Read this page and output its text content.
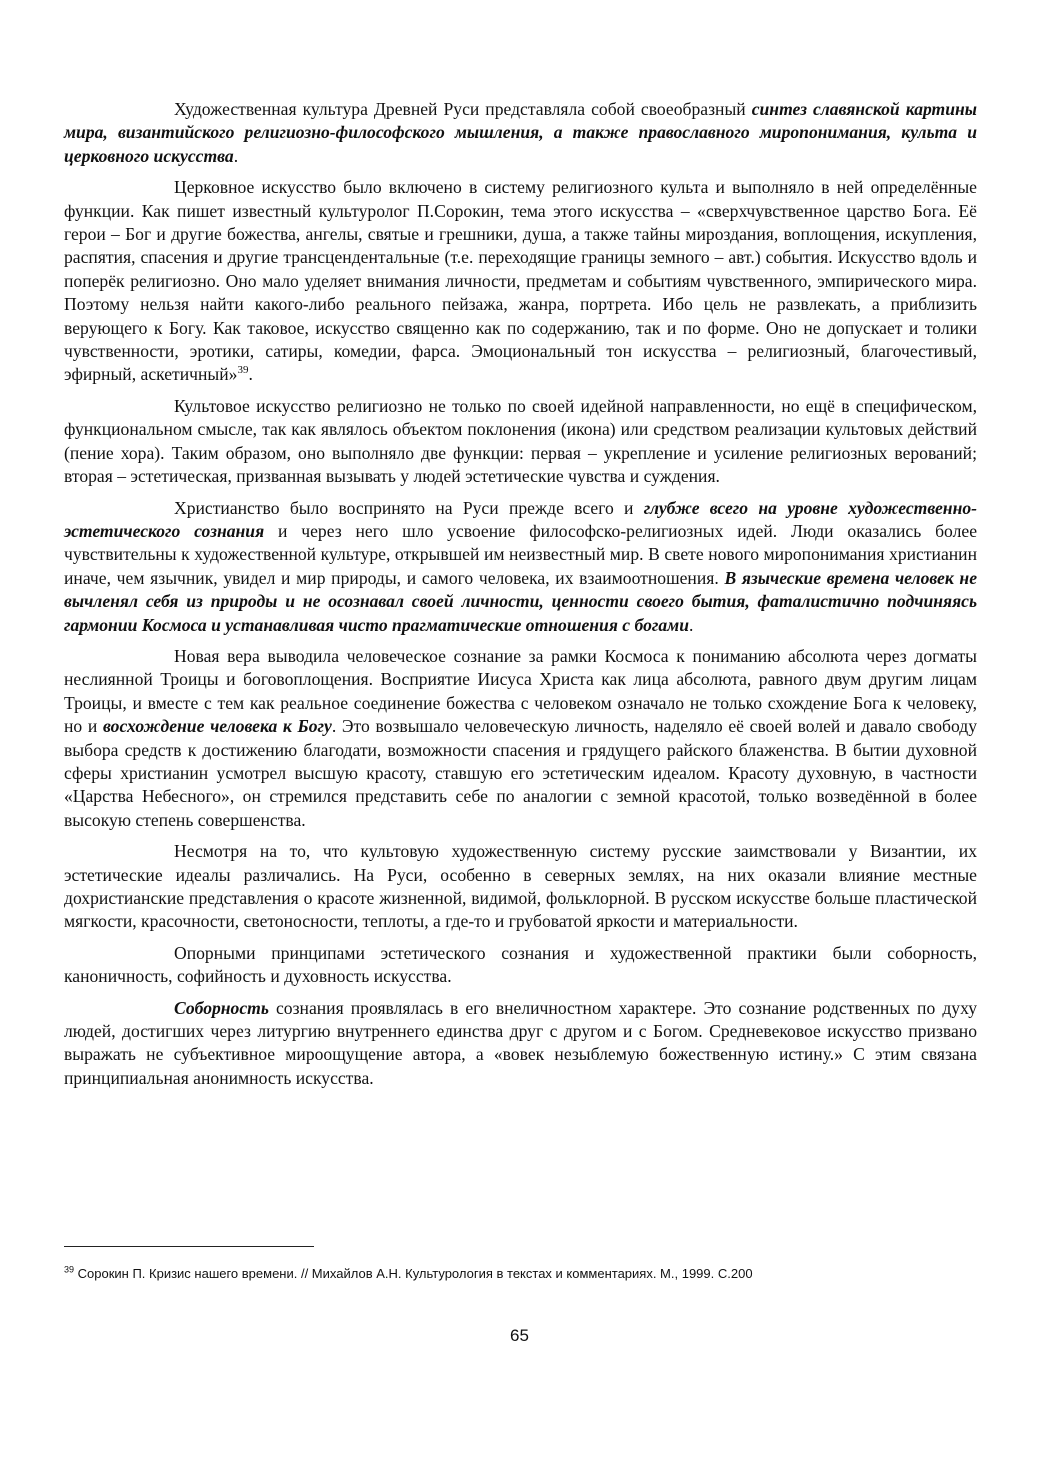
Художественная культура Древней Руси представляла собой своеобразный синтез славянской картины мира, византийского религиозно-философского мышления, а также православного миропонимания, культа и церковного искусства.

Церковное искусство было включено в систему религиозного культа и выполняло в ней определённые функции. Как пишет известный культуролог П.Сорокин, тема этого искусства – «сверхчувственное царство Бога. Её герои – Бог и другие божества, ангелы, святые и грешники, душа, а также тайны мироздания, воплощения, искупления, распятия, спасения и другие трансцендентальные (т.е. переходящие границы земного – авт.) события. Искусство вдоль и поперёк религиозно. Оно мало уделяет внимания личности, предметам и событиям чувственного, эмпирического мира. Поэтому нельзя найти какого-либо реального пейзажа, жанра, портрета. Ибо цель не развлекать, а приблизить верующего к Богу. Как таковое, искусство священно как по содержанию, так и по форме. Оно не допускает и толики чувственности, эротики, сатиры, комедии, фарса. Эмоциональный тон искусства – религиозный, благочестивый, эфирный, аскетичный»$^{39}$.

Культовое искусство религиозно не только по своей идейной направленности, но ещё в специфическом, функциональном смысле, так как являлось объектом поклонения (икона) или средством реализации культовых действий (пение хора). Таким образом, оно выполняло две функции: первая – укрепление и усиление религиозных верований; вторая – эстетическая, призванная вызывать у людей эстетические чувства и суждения.

Христианство было воспринято на Руси прежде всего и глубже всего на уровне художественно-эстетического сознания и через него шло усвоение философско-религиозных идей. Люди оказались более чувствительны к художественной культуре, открывшей им неизвестный мир. В свете нового миропонимания христианин иначе, чем язычник, увидел и мир природы, и самого человека, их взаимоотношения. В языческие времена человек не вычленял себя из природы и не осознавал своей личности, ценности своего бытия, фаталистично подчиняясь гармонии Космоса и устанавливая чисто прагматические отношения с богами.

Новая вера выводила человеческое сознание за рамки Космоса к пониманию абсолюта через догматы неслиянной Троицы и боговоплощения. Восприятие Иисуса Христа как лица абсолюта, равного двум другим лицам Троицы, и вместе с тем как реальное соединение божества с человеком означало не только схождение Бога к человеку, но и восхождение человека к Богу. Это возвышало человеческую личность, наделяло её своей волей и давало свободу выбора средств к достижению благодати, возможности спасения и грядущего райского блаженства. В бытии духовной сферы христианин усмотрел высшую красоту, ставшую его эстетическим идеалом. Красоту духовную, в частности «Царства Небесного», он стремился представить себе по аналогии с земной красотой, только возведённой в более высокую степень совершенства.

Несмотря на то, что культовую художественную систему русские заимствовали у Византии, их эстетические идеалы различались. На Руси, особенно в северных землях, на них оказали влияние местные дохристианские представления о красоте жизненной, видимой, фольклорной. В русском искусстве больше пластической мягкости, красочности, светоносности, теплоты, а где-то и грубоватой яркости и материальности.

Опорными принципами эстетического сознания и художественной практики были соборность, каноничность, софийность и духовность искусства.

Соборность сознания проявлялась в его внеличностном характере. Это сознание родственных по духу людей, достигших через литургию внутреннего единства друг с другом и с Богом. Средневековое искусство призвано выражать не субъективное мироощущение автора, а «вовек незыблемую божественную истину.» С этим связана принципиальная анонимность искусства.

$^{39}$ Сорокин П. Кризис нашего времени. // Михайлов А.Н. Культурология в текстах и комментариях. М., 1999. С.200
65
